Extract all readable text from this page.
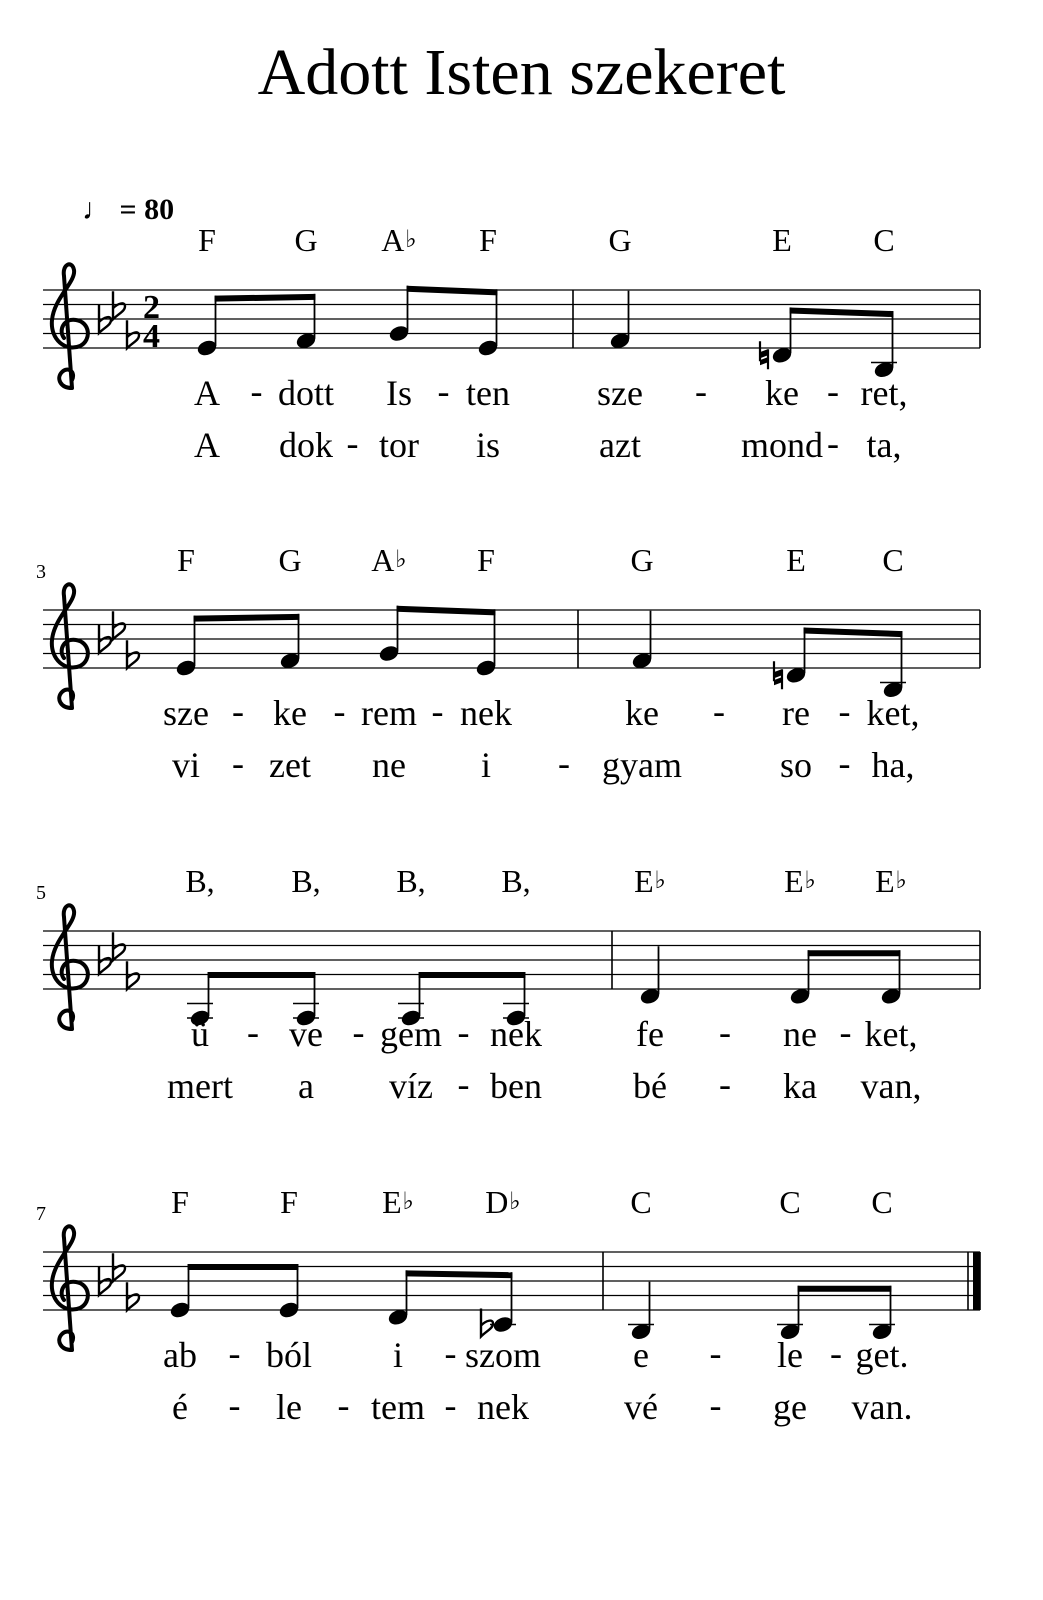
Adott Isten szekeret
♩ = 80
2
4
F G A♭ F	G	E	C
A - dott Is - ten sze - ke - ret,
A dok - tor is	azt	mond - ta,
3	F	G A♭ F	G	E C
sze - ke - rem - nek	ke - re - ket,
vi - zet ne i - gyam	so - ha,
5	B, B, B, B,	E♭	E♭ E♭
ü - ve - gem - nek	fe - ne - ket,
mert a víz - ben	bé - ka van,
7	F	F	E♭ D♭	C	C C
ab - ból i - szom	e - le - get.
é - le - tem - nek	vé - ge van.
